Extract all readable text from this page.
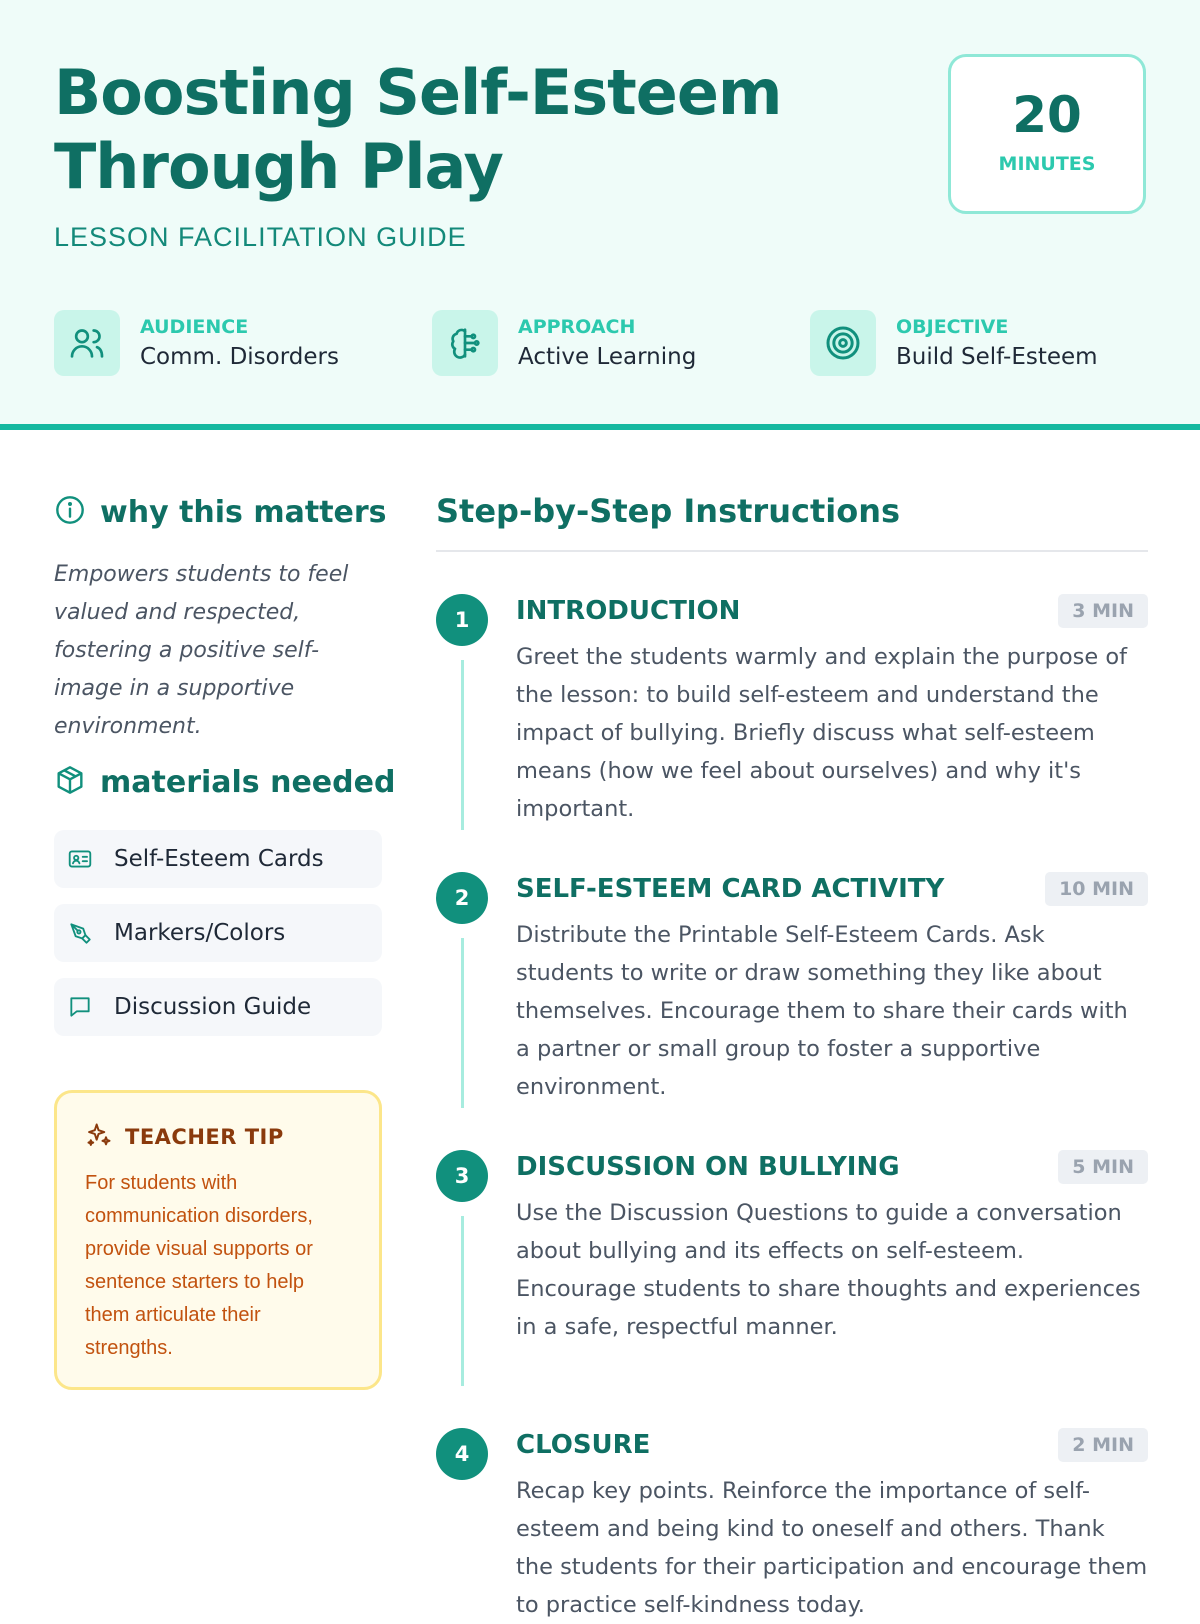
Boosting Self-Esteem Through Play
LESSON FACILITATION GUIDE
20
MINUTES
AUDIENCE
Comm. Disorders
APPROACH
Active Learning
OBJECTIVE
Build Self-Esteem
why this matters

Empowers students to feel valued and respected, fostering a positive self-image in a supportive environment.

materials needed
Self-Esteem Cards
Markers/Colors
Discussion Guide
TEACHER TIP

For students with communication disorders, provide visual supports or sentence starters to help them articulate their strengths.

Step-by-Step Instructions
1	INTRODUCTION	3 MIN

Greet the students warmly and explain the purpose of the lesson: to build self-esteem and understand the impact of bullying. Briefly discuss what self-esteem means (how we feel about ourselves) and why it's important.

2	SELF-ESTEEM CARD ACTIVITY	10 MIN

Distribute the Printable Self-Esteem Cards. Ask students to write or draw something they like about themselves. Encourage them to share their cards with a partner or small group to foster a supportive environment.

3	DISCUSSION ON BULLYING	5 MIN

Use the Discussion Questions to guide a conversation about bullying and its effects on self-esteem. Encourage students to share thoughts and experiences in a safe, respectful manner.

4	CLOSURE	2 MIN

Recap key points. Reinforce the importance of self-esteem and being kind to oneself and others. Thank the students for their participation and encourage them to practice self-kindness today.
